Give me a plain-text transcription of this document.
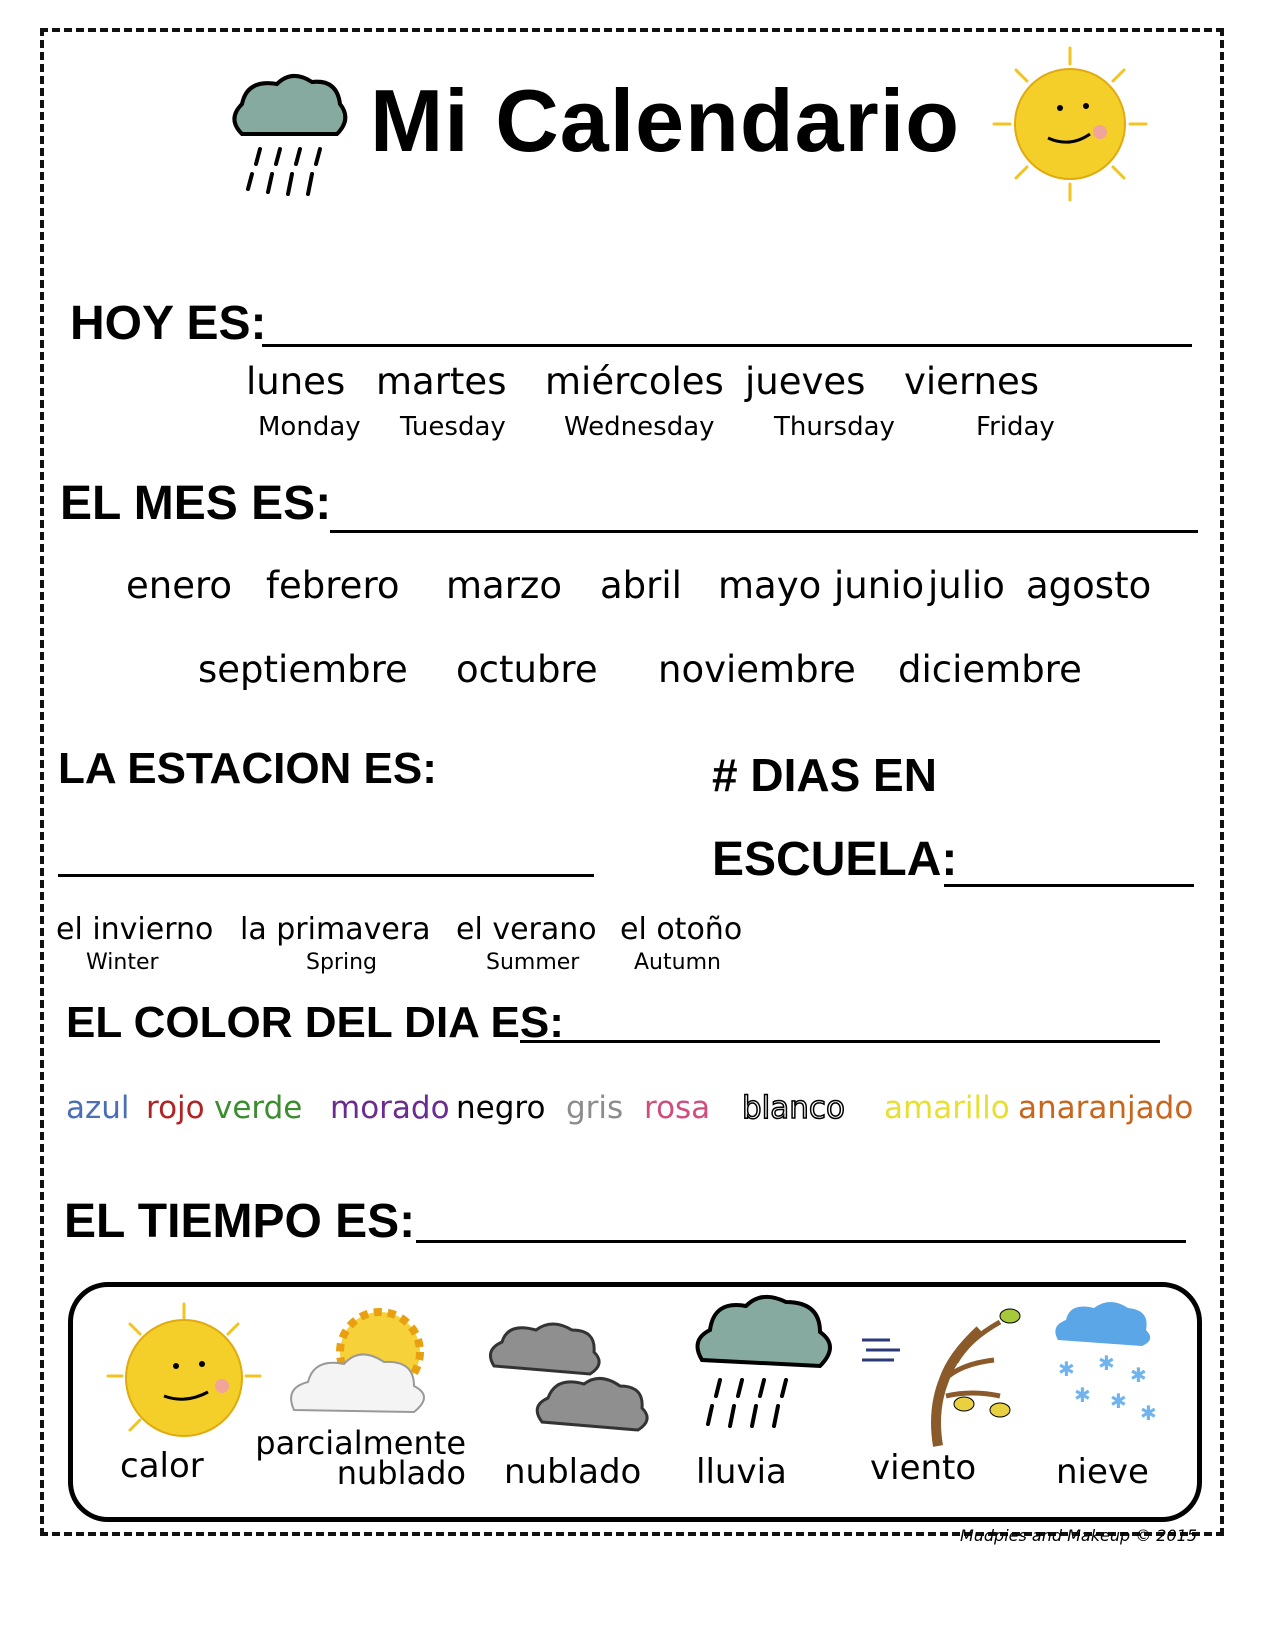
Mi Calendario
HOY ES:
lunes martes miércoles jueves viernes
Monday Tuesday Wednesday Thursday	Friday
EL MES ES:
enero febrero marzo abril mayo junio julio agosto
septiembre octubre noviembre diciembre
LA ESTACION ES:	# DIAS EN
ESCUELA:
el invierno la primavera el verano el otoño
Winter	Spring	Summer Autumn
EL COLOR DEL DIA ES:
azul rojo verde morado negro gris rosa blanco amarillo anaranjado
EL TIEMPO ES:
✱ ✱ ✱
✱ ✱ ✱
calor
parcialmente nublado nublado lluvia viento nieve
Mudpies and Makeup © 2015
